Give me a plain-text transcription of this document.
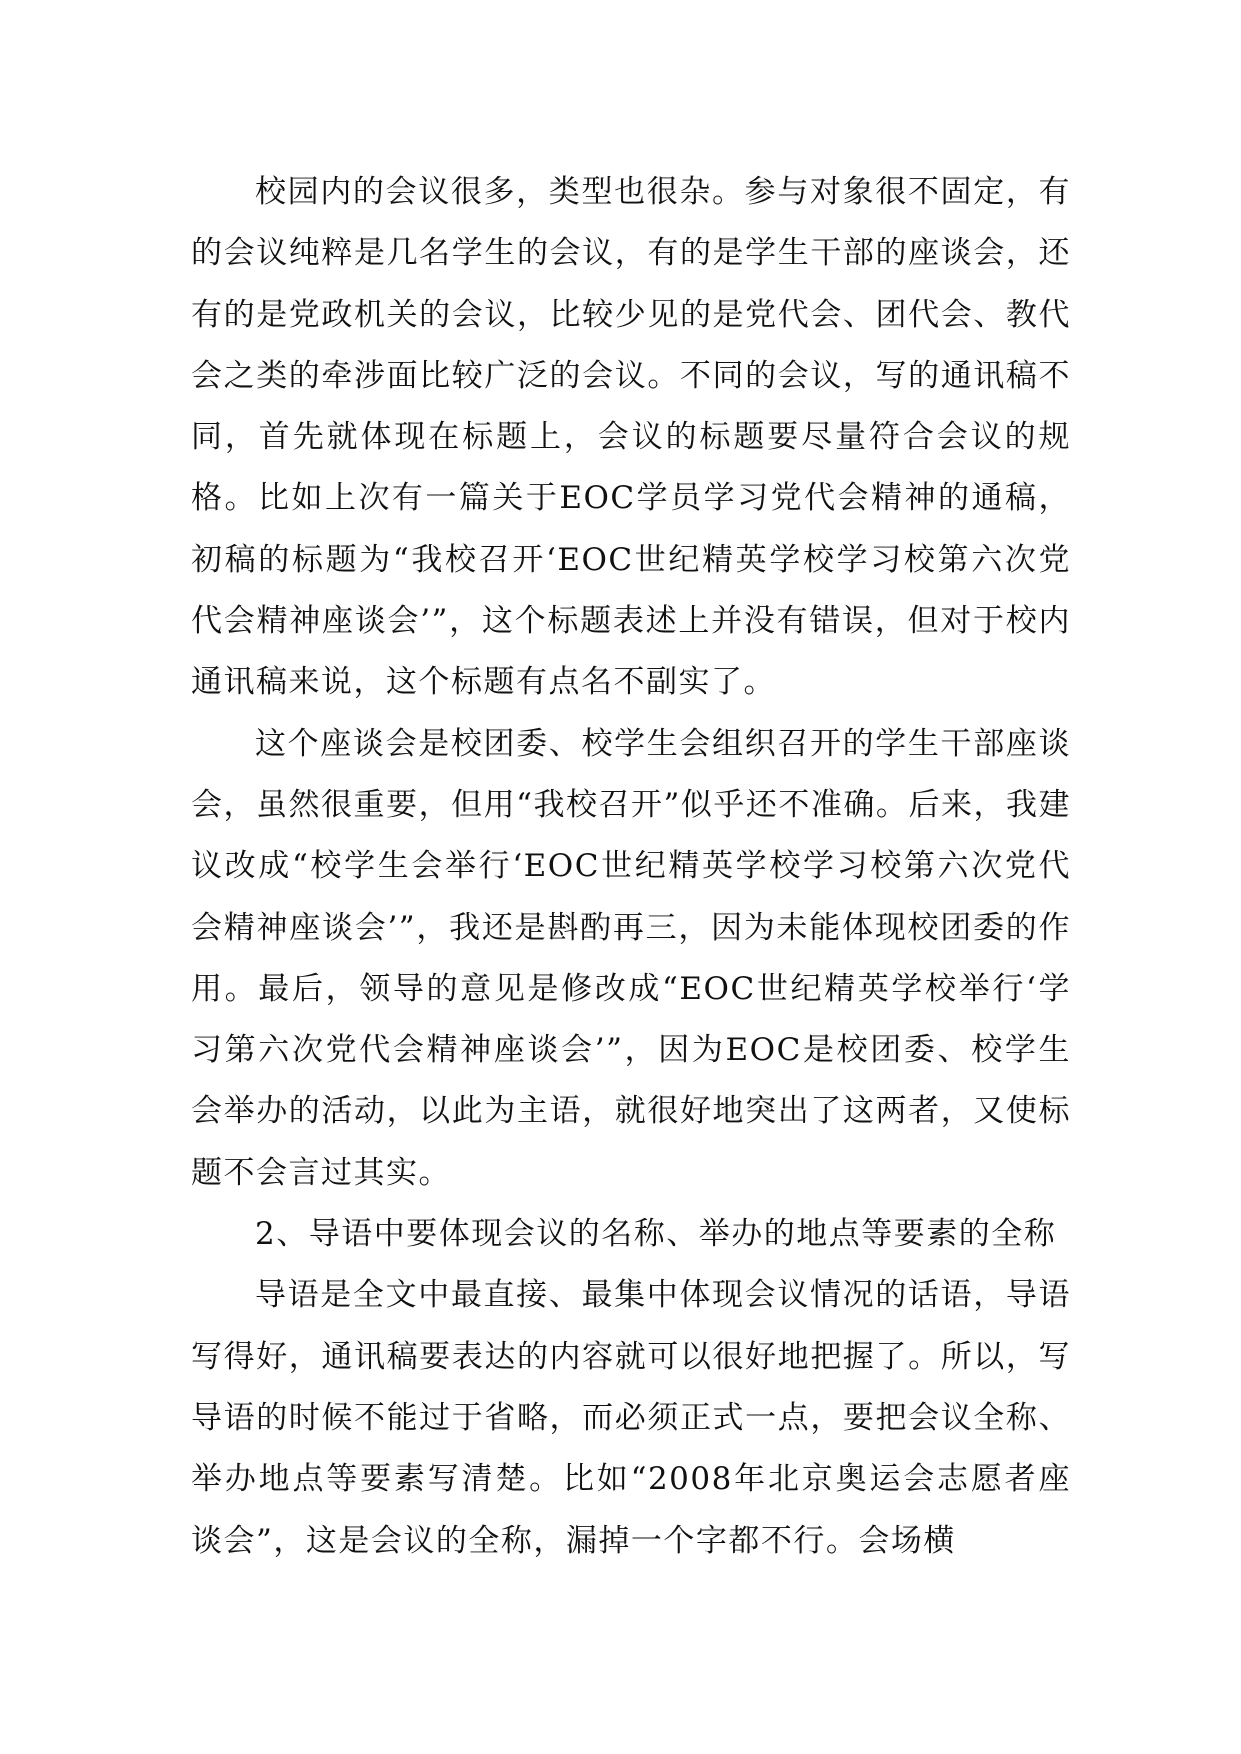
校园内的会议很多，类型也很杂。参与对象很不固定，有的会议纯粹是几名学生的会议，有的是学生干部的座谈会，还有的是党政机关的会议，比较少见的是党代会、团代会、教代会之类的牵涉面比较广泛的会议。不同的会议，写的通讯稿不同，首先就体现在标题上，会议的标题要尽量符合会议的规格。比如上次有一篇关于EOC学员学习党代会精神的通稿，初稿的标题为“我校召开‘EOC世纪精英学校学习校第六次党代会精神座谈会’”，这个标题表述上并没有错误，但对于校内通讯稿来说，这个标题有点名不副实了。

这个座谈会是校团委、校学生会组织召开的学生干部座谈会，虽然很重要，但用“我校召开”似乎还不准确。后来，我建议改成“校学生会举行‘EOC世纪精英学校学习校第六次党代会精神座谈会’”，我还是斟酌再三，因为未能体现校团委的作用。最后，领导的意见是修改成“EOC世纪精英学校举行‘学习第六次党代会精神座谈会’”，因为EOC是校团委、校学生会举办的活动，以此为主语，就很好地突出了这两者，又使标题不会言过其实。

2、导语中要体现会议的名称、举办的地点等要素的全称

导语是全文中最直接、最集中体现会议情况的话语，导语写得好，通讯稿要表达的内容就可以很好地把握了。所以，写导语的时候不能过于省略，而必须正式一点，要把会议全称、举办地点等要素写清楚。比如“2008年北京奥运会志愿者座谈会”，这是会议的全称，漏掉一个字都不行。会场横
